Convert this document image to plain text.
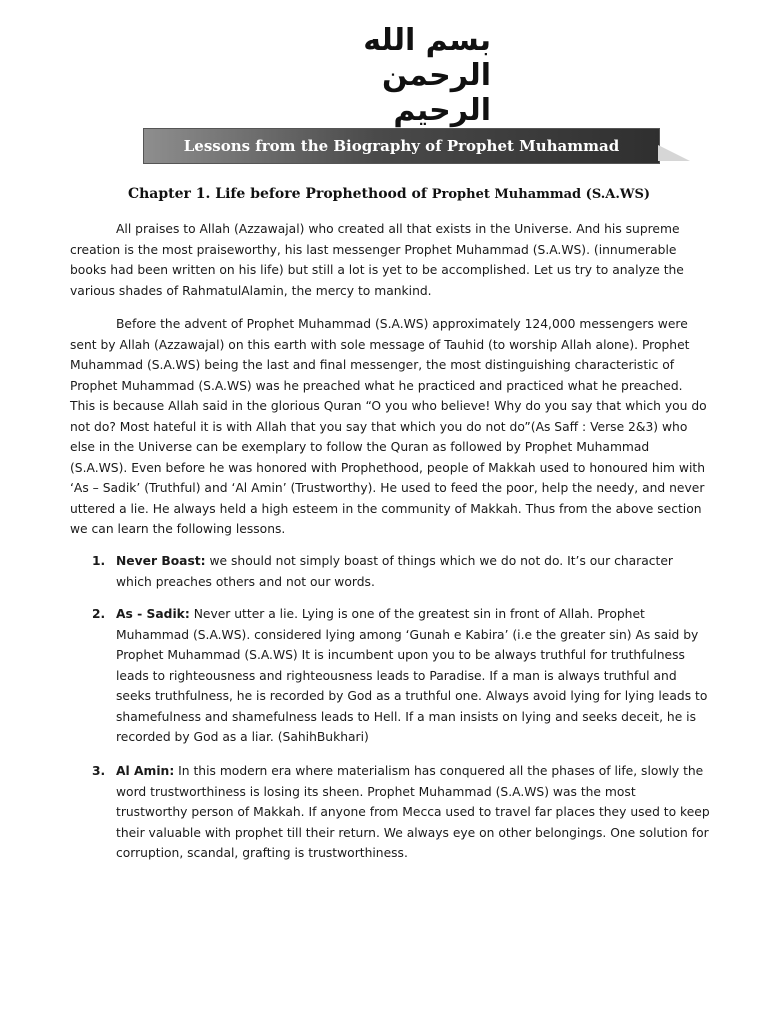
بسم الله الرحمن الرحيم
Lessons from the Biography of Prophet Muhammad
Chapter 1. Life before Prophethood of Prophet Muhammad (S.A.WS)

All praises to Allah (Azzawajal) who created all that exists in the Universe. And his supreme creation is the most praiseworthy, his last messenger Prophet Muhammad (S.A.WS). (innumerable books had been written on his life) but still a lot is yet to be accomplished. Let us try to analyze the various shades of RahmatulAlamin, the mercy to mankind.

Before the advent of Prophet Muhammad (S.A.WS) approximately 124,000 messengers were sent by Allah (Azzawajal) on this earth with sole message of Tauhid (to worship Allah alone). Prophet Muhammad (S.A.WS) being the last and final messenger, the most distinguishing characteristic of Prophet Muhammad (S.A.WS) was he preached what he practiced and practiced what he preached. This is because Allah said in the glorious Quran “O you who believe! Why do you say that which you do not do? Most hateful it is with Allah that you say that which you do not do”(As Saff : Verse 2&3) who else in the Universe can be exemplary to follow the Quran as followed by Prophet Muhammad (S.A.WS). Even before he was honored with Prophethood, people of Makkah used to honoured him with ‘As – Sadik’ (Truthful) and ‘Al Amin’ (Trustworthy). He used to feed the poor, help the needy, and never uttered a lie. He always held a high esteem in the community of Makkah. Thus from the above section we can learn the following lessons.

1. Never Boast: we should not simply boast of things which we do not do. It’s our character which preaches others and not our words.
2. As - Sadik: Never utter a lie. Lying is one of the greatest sin in front of Allah. Prophet Muhammad (S.A.WS). considered lying among ‘Gunah e Kabira’ (i.e the greater sin) As said by Prophet Muhammad (S.A.WS) It is incumbent upon you to be always truthful for truthfulness leads to righteousness and righteousness leads to Paradise. If a man is always truthful and seeks truthfulness, he is recorded by God as a truthful one. Always avoid lying for lying leads to shamefulness and shamefulness leads to Hell. If a man insists on lying and seeks deceit, he is recorded by God as a liar. (SahihBukhari)
3. Al Amin: In this modern era where materialism has conquered all the phases of life, slowly the word trustworthiness is losing its sheen. Prophet Muhammad (S.A.WS) was the most trustworthy person of Makkah. If anyone from Mecca used to travel far places they used to keep their valuable with prophet till their return. We always eye on other belongings. One solution for corruption, scandal, grafting is trustworthiness.
